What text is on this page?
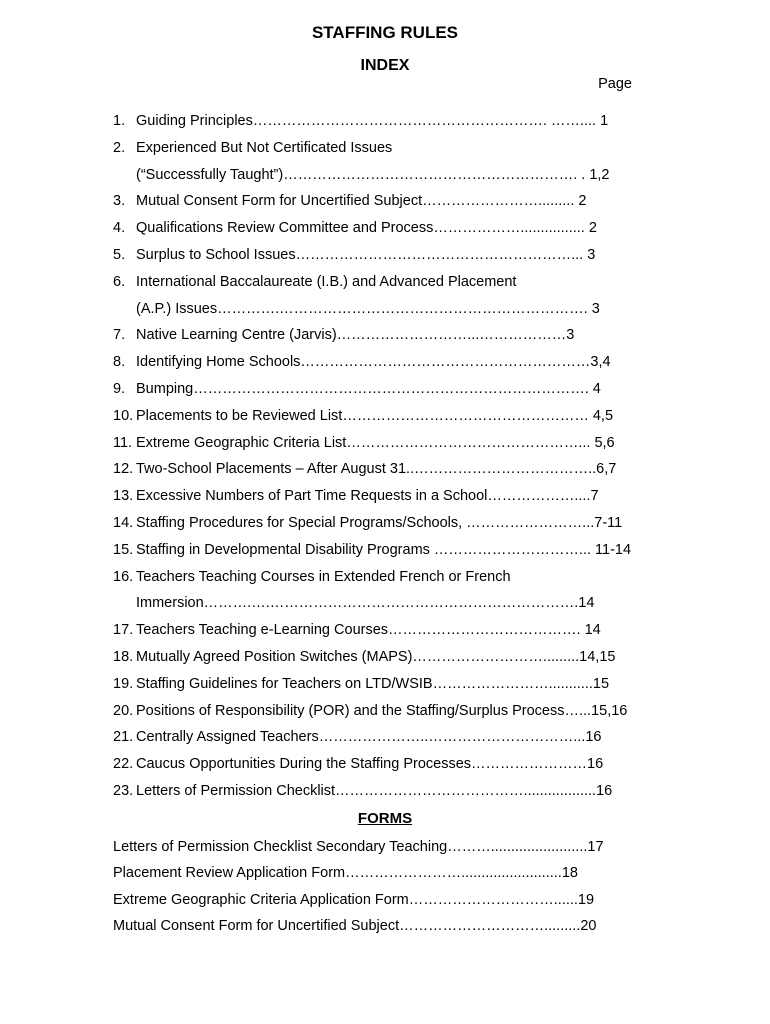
STAFFING RULES
INDEX
Page
1. Guiding Principles……………………………………………………. …….... 1
2. Experienced But Not Certificated Issues
(“Successfully Taught”)……………………………………………………. . 1,2
3. Mutual Consent Form for Uncertified Subject……………………......... 2
4. Qualifications Review Committee and Process………………................ 2
5. Surplus to School Issues…………………………………………………... 3
6. International Baccalaureate (I.B.) and Advanced Placement
(A.P.) Issues………….………………………………………………………. 3
7. Native Learning Centre (Jarvis)………………………...………………3
8. Identifying Home Schools……………………………………………………3,4
9. Bumping………………………………………………………………………. 4
10. Placements to be Reviewed List…………………………………………… 4,5
11. Extreme Geographic Criteria List…………………………………………... 5,6
12. Two-School Placements – After August 31..………………………………..6,7
13. Excessive Numbers of Part Time Requests in a School………………....7
14. Staffing Procedures for Special Programs/Schools, ……………………...7-11
15. Staffing in Developmental Disability Programs …………………………... 11-14
16. Teachers Teaching Courses in Extended French or French
Immersion……….….……………………………………………………….14
17. Teachers Teaching e-Learning Courses…………………………………. 14
18. Mutually Agreed Position Switches (MAPS)……………………….........14,15
19. Staffing Guidelines for Teachers on LTD/WSIB……………………...........15
20. Positions of Responsibility (POR) and the Staffing/Surplus Process…...15,16
21. Centrally Assigned Teachers…………………..…………………………...16
22. Caucus Opportunities During the Staffing Processes……………………16
23. Letters of Permission Checklist…………………………………..................16
FORMS
Letters of Permission Checklist Secondary Teaching………........................17
Placement Review Application Form…………………….........................18
Extreme Geographic Criteria Application Form…………………………......19
Mutual Consent Form for Uncertified Subject………………………….........20
